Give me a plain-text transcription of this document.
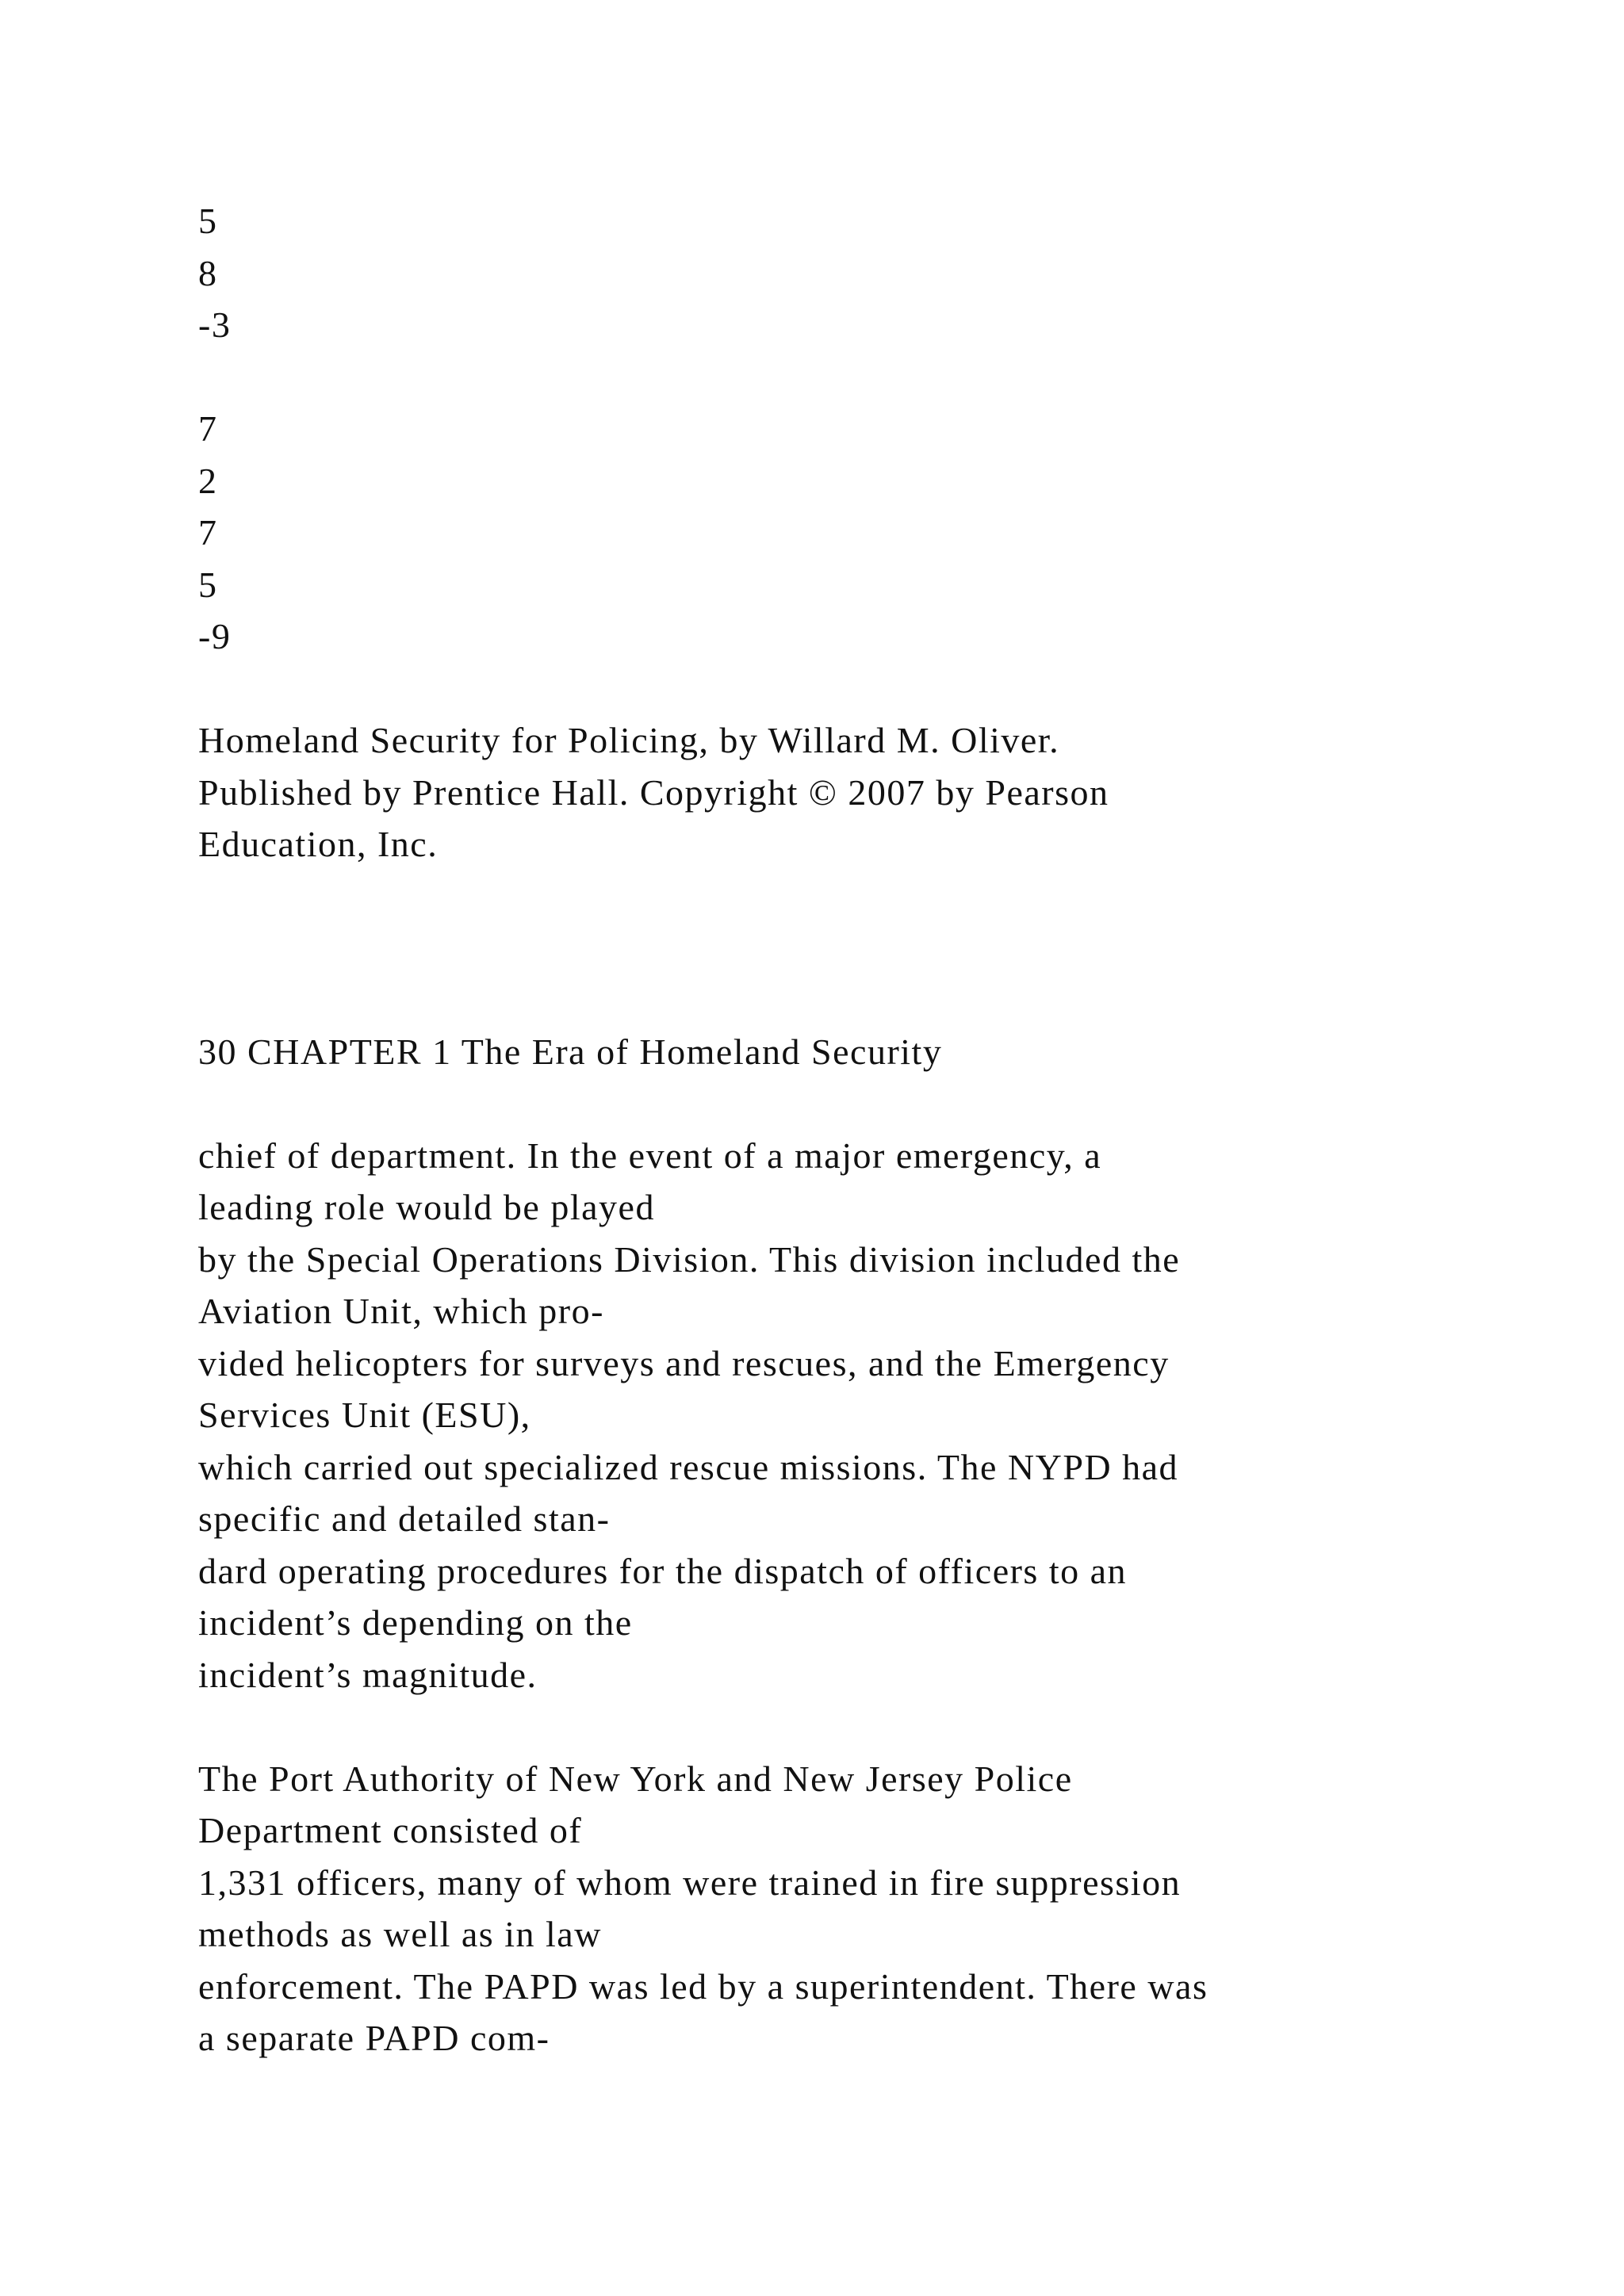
5
8
-3
7
2
7
5
-9
Homeland Security for Policing, by Willard M. Oliver.
Published by Prentice Hall. Copyright © 2007 by Pearson
Education, Inc.
30 CHAPTER 1 The Era of Homeland Security
chief of department. In the event of a major emergency, a
leading role would be played
by the Special Operations Division. This division included the
Aviation Unit, which pro-
vided helicopters for surveys and rescues, and the Emergency
Services Unit (ESU),
which carried out specialized rescue missions. The NYPD had
specific and detailed stan-
dard operating procedures for the dispatch of officers to an
incident’s depending on the
incident’s magnitude.
The Port Authority of New York and New Jersey Police
Department consisted of
1,331 officers, many of whom were trained in fire suppression
methods as well as in law
enforcement. The PAPD was led by a superintendent. There was
a separate PAPD com-
